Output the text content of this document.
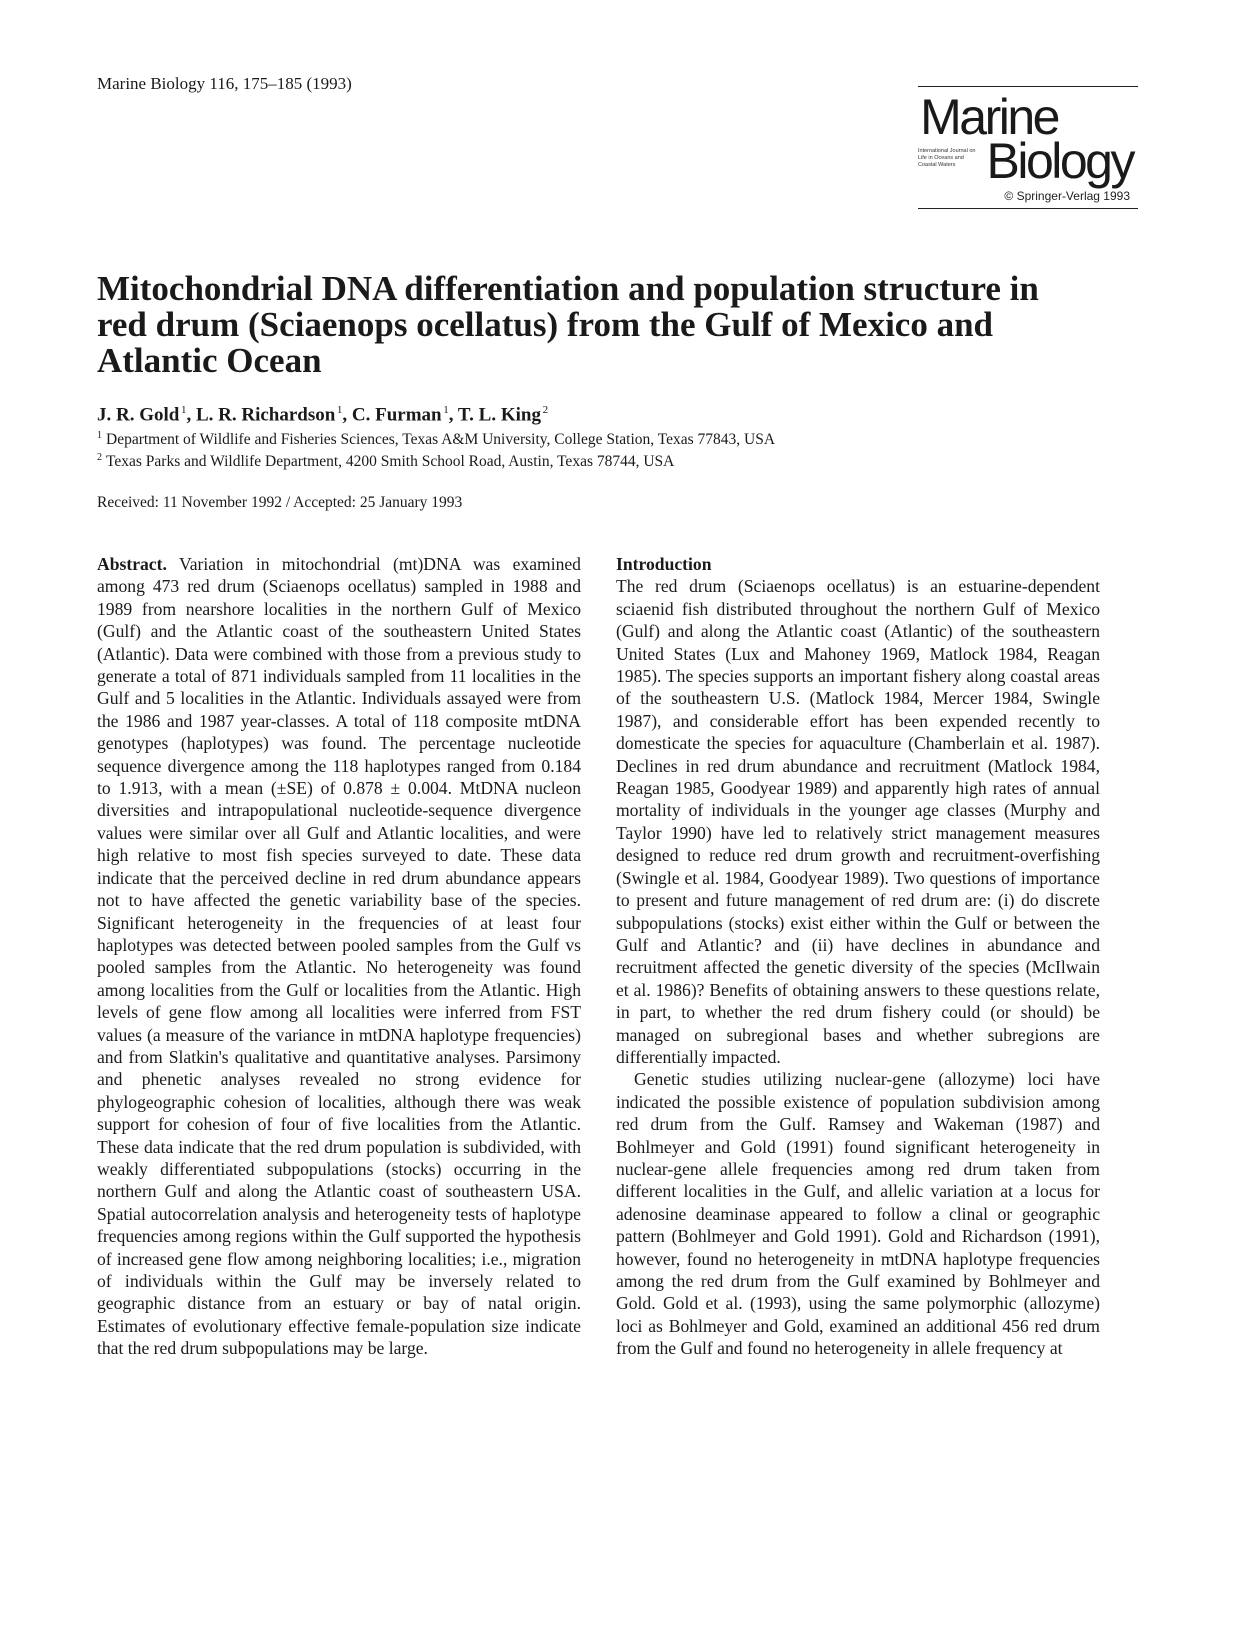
Marine Biology 116, 175–185 (1993)
Marine
International Journal on Life in Oceans and Coastal Waters Biology
© Springer-Verlag 1993
Mitochondrial DNA differentiation and population structure in red drum (Sciaenops ocellatus) from the Gulf of Mexico and Atlantic Ocean
J. R. Gold  $^1$, L. R. Richardson  $^1$, C. Furman  $^1$, T. L. King  $^2$
$^1$ Department of Wildlife and Fisheries Sciences, Texas A&M University, College Station, Texas 77843, USA
$^2$ Texas Parks and Wildlife Department, 4200 Smith School Road, Austin, Texas 78744, USA
Received: 11 November 1992 / Accepted: 25 January 1993

Abstract. Variation in mitochondrial (mt)DNA was examined among 473 red drum (Sciaenops ocellatus) sampled in 1988 and 1989 from nearshore localities in the northern Gulf of Mexico (Gulf) and the Atlantic coast of the southeastern United States (Atlantic). Data were combined with those from a previous study to generate a total of 871 individuals sampled from 11 localities in the Gulf and 5 localities in the Atlantic. Individuals assayed were from the 1986 and 1987 year-classes. A total of 118 composite mtDNA genotypes (haplotypes) was found. The percentage nucleotide sequence divergence among the 118 haplotypes ranged from 0.184 to 1.913, with a mean (±SE) of 0.878 ± 0.004. MtDNA nucleon diversities and intrapopulational nucleotide-sequence divergence values were similar over all Gulf and Atlantic localities, and were high relative to most fish species surveyed to date. These data indicate that the perceived decline in red drum abundance appears not to have affected the genetic variability base of the species. Significant heterogeneity in the frequencies of at least four haplotypes was detected between pooled samples from the Gulf vs pooled samples from the Atlantic. No heterogeneity was found among localities from the Gulf or localities from the Atlantic. High levels of gene flow among all localities were inferred from FST values (a measure of the variance in mtDNA haplotype frequencies) and from Slatkin's qualitative and quantitative analyses. Parsimony and phenetic analyses revealed no strong evidence for phylogeographic cohesion of localities, although there was weak support for cohesion of four of five localities from the Atlantic. These data indicate that the red drum population is subdivided, with weakly differentiated subpopulations (stocks) occurring in the northern Gulf and along the Atlantic coast of southeastern USA. Spatial autocorrelation analysis and heterogeneity tests of haplotype frequencies among regions within the Gulf supported the hypothesis of increased gene flow among neighboring localities; i.e., migration of individuals within the Gulf may be inversely related to geographic distance from an estuary or bay of natal origin. Estimates of evolutionary effective female-population size indicate that the red drum subpopulations may be large.

Introduction

The red drum (Sciaenops ocellatus) is an estuarine-dependent sciaenid fish distributed throughout the northern Gulf of Mexico (Gulf) and along the Atlantic coast (Atlantic) of the southeastern United States (Lux and Mahoney 1969, Matlock 1984, Reagan 1985). The species supports an important fishery along coastal areas of the southeastern U.S. (Matlock 1984, Mercer 1984, Swingle 1987), and considerable effort has been expended recently to domesticate the species for aquaculture (Chamberlain et al. 1987). Declines in red drum abundance and recruitment (Matlock 1984, Reagan 1985, Goodyear 1989) and apparently high rates of annual mortality of individuals in the younger age classes (Murphy and Taylor 1990) have led to relatively strict management measures designed to reduce red drum growth and recruitment-overfishing (Swingle et al. 1984, Goodyear 1989). Two questions of importance to present and future management of red drum are: (i) do discrete subpopulations (stocks) exist either within the Gulf or between the Gulf and Atlantic? and (ii) have declines in abundance and recruitment affected the genetic diversity of the species (McIlwain et al. 1986)? Benefits of obtaining answers to these questions relate, in part, to whether the red drum fishery could (or should) be managed on subregional bases and whether subregions are differentially impacted.

Genetic studies utilizing nuclear-gene (allozyme) loci have indicated the possible existence of population subdivision among red drum from the Gulf. Ramsey and Wakeman (1987) and Bohlmeyer and Gold (1991) found significant heterogeneity in nuclear-gene allele frequencies among red drum taken from different localities in the Gulf, and allelic variation at a locus for adenosine deaminase appeared to follow a clinal or geographic pattern (Bohlmeyer and Gold 1991). Gold and Richardson (1991), however, found no heterogeneity in mtDNA haplotype frequencies among the red drum from the Gulf examined by Bohlmeyer and Gold. Gold et al. (1993), using the same polymorphic (allozyme) loci as Bohlmeyer and Gold, examined an additional 456 red drum from the Gulf and found no heterogeneity in allele frequency at
